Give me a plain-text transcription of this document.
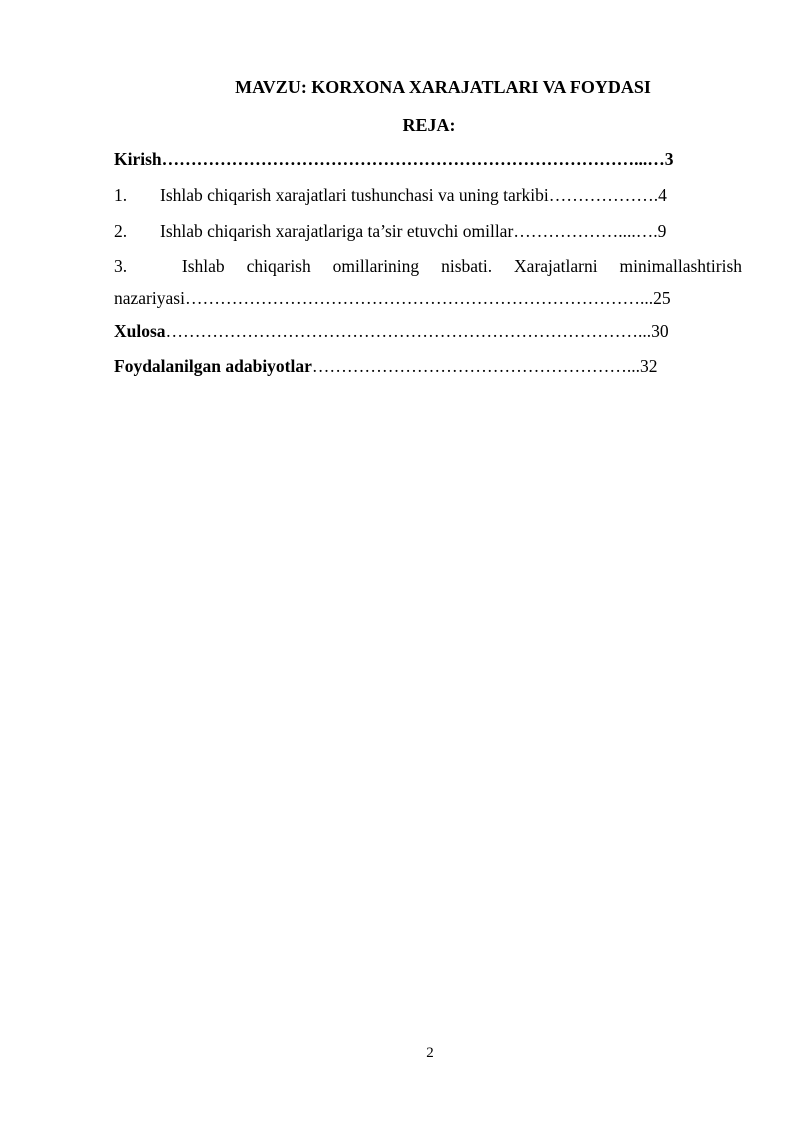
MAVZU: KORXONA XARAJATLARI VA FOYDASI
REJA:
Kirish………………………………………………………………………...…3
1. Ishlab chiqarish xarajatlari tushunchasi va uning tarkibi……………….4
2. Ishlab chiqarish xarajatlariga ta’sir etuvchi omillar………………....….9
3.	Ishlab chiqarish omillarining nisbati. Xarajatlarni minimallashtirish
nazariyasi……………………………………………………………………...25
Xulosa………………………………………………………………………...30
Foydalanilgan adabiyotlar………………………………………………...32
2
